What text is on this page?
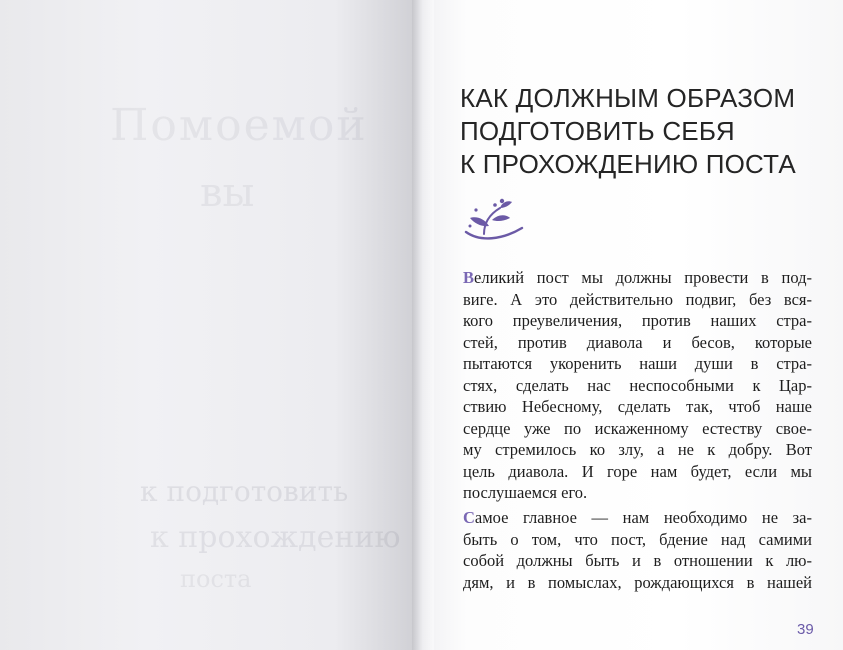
Помоемой
вы
к подготовить
к прохождению
поста
КАК ДОЛЖНЫМ ОБРАЗОМ
ПОДГОТОВИТЬ СЕБЯ
К ПРОХОЖДЕНИЮ ПОСТА

Великий пост мы должны провести в под-
виге. А это действительно подвиг, без вся-
кого преувеличения, против наших стра-
стей, против диавола и бесов, которые
пытаются укоренить наши души в стра-
стях, сделать нас неспособными к Цар-
ствию Небесному, сделать так, чтоб наше
сердце уже по искаженному естеству свое-
му стремилось ко злу, а не к добру. Вот
цель диавола. И горе нам будет, если мы
послушаемся его.

Самое главное — нам необходимо не за-
быть о том, что пост, бдение над самими
собой должны быть и в отношении к лю-
дям, и в помыслах, рождающихся в нашей

39
